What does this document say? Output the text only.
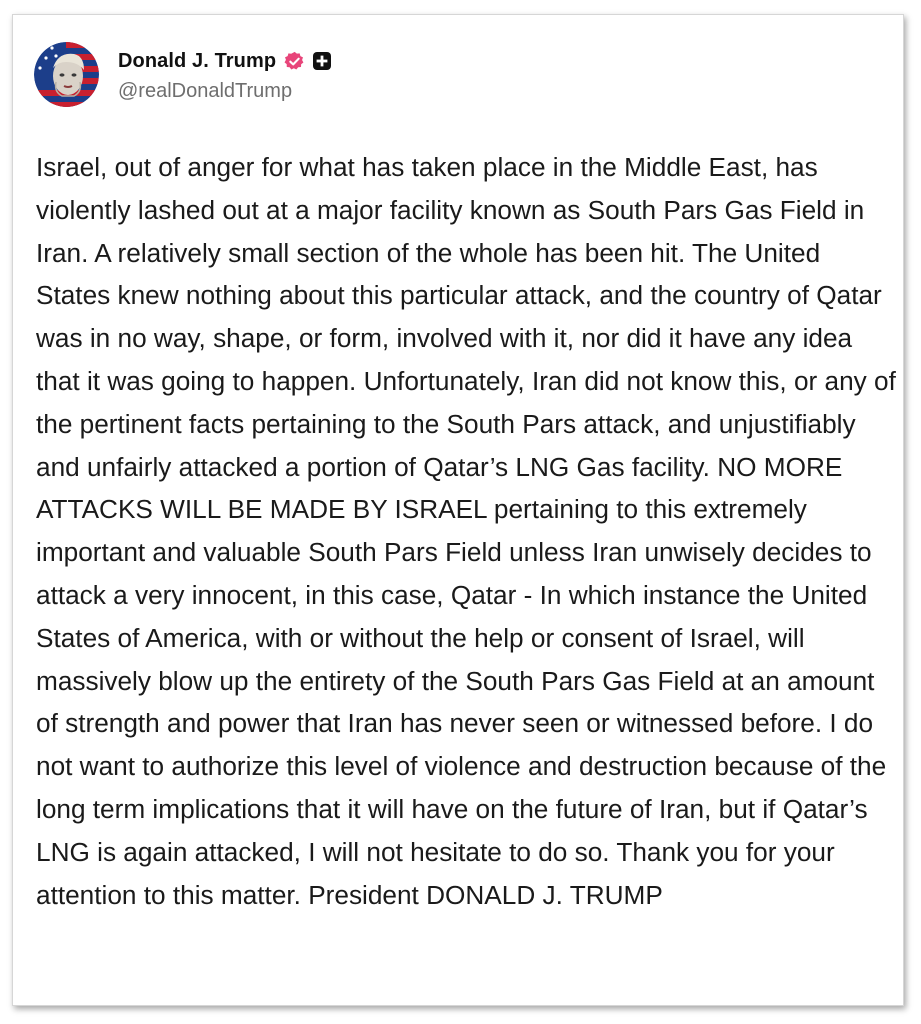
Donald J. Trump
@realDonaldTrump

Israel, out of anger for what has taken place in the Middle East, has violently lashed out at a major facility known as South Pars Gas Field in Iran. A relatively small section of the whole has been hit. The United States knew nothing about this particular attack, and the country of Qatar was in no way, shape, or form, involved with it, nor did it have any idea that it was going to happen. Unfortunately, Iran did not know this, or any of the pertinent facts pertaining to the South Pars attack, and unjustifiably and unfairly attacked a portion of Qatar’s LNG Gas facility. NO MORE ATTACKS WILL BE MADE BY ISRAEL pertaining to this extremely important and valuable South Pars Field unless Iran unwisely decides to attack a very innocent, in this case, Qatar - In which instance the United States of America, with or without the help or consent of Israel, will massively blow up the entirety of the South Pars Gas Field at an amount of strength and power that Iran has never seen or witnessed before. I do not want to authorize this level of violence and destruction because of the long term implications that it will have on the future of Iran, but if Qatar’s LNG is again attacked, I will not hesitate to do so. Thank you for your attention to this matter. President DONALD J. TRUMP
